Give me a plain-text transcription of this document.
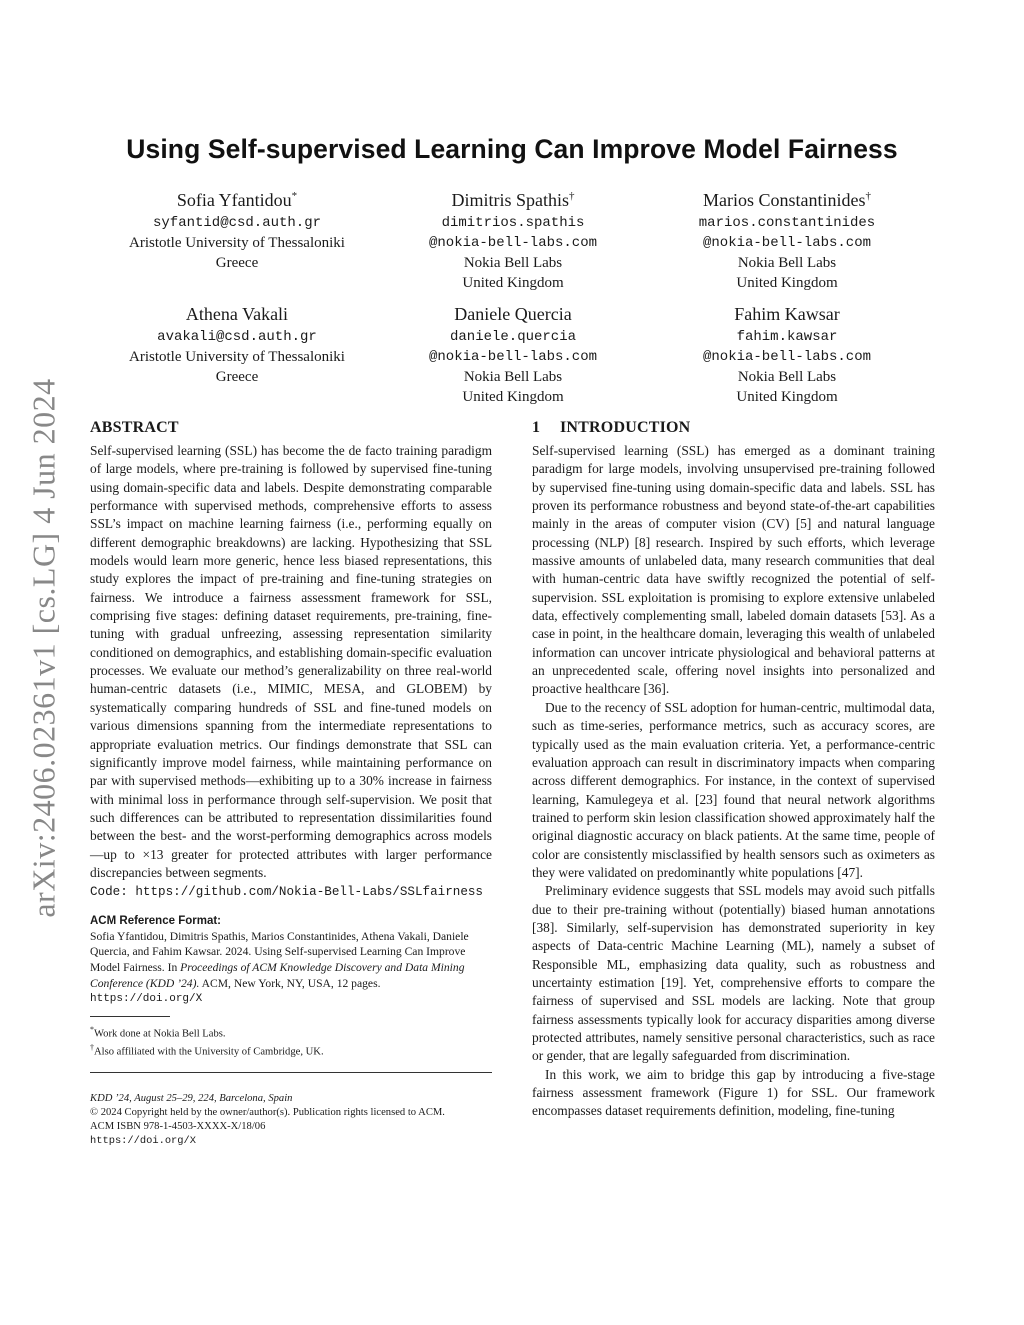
arXiv:2406.02361v1 [cs.LG] 4 Jun 2024
Using Self-supervised Learning Can Improve Model Fairness
Sofia Yfantidou*
syfantid@csd.auth.gr
Aristotle University of Thessaloniki
Greece
Dimitris Spathis†
dimitrios.spathis
@nokia-bell-labs.com
Nokia Bell Labs
United Kingdom
Marios Constantinides†
marios.constantinides
@nokia-bell-labs.com
Nokia Bell Labs
United Kingdom
Athena Vakali
avakali@csd.auth.gr
Aristotle University of Thessaloniki
Greece
Daniele Quercia
daniele.quercia
@nokia-bell-labs.com
Nokia Bell Labs
United Kingdom
Fahim Kawsar
fahim.kawsar
@nokia-bell-labs.com
Nokia Bell Labs
United Kingdom
ABSTRACT

Self-supervised learning (SSL) has become the de facto training paradigm of large models, where pre-training is followed by supervised fine-tuning using domain-specific data and labels. Despite demonstrating comparable performance with supervised methods, comprehensive efforts to assess SSL’s impact on machine learning fairness (i.e., performing equally on different demographic breakdowns) are lacking. Hypothesizing that SSL models would learn more generic, hence less biased representations, this study explores the impact of pre-training and fine-tuning strategies on fairness. We introduce a fairness assessment framework for SSL, comprising five stages: defining dataset requirements, pre-training, fine-tuning with gradual unfreezing, assessing representation similarity conditioned on demographics, and establishing domain-specific evaluation processes. We evaluate our method’s generalizability on three real-world human-centric datasets (i.e., MIMIC, MESA, and GLOBEM) by systematically comparing hundreds of SSL and fine-tuned models on various dimensions spanning from the intermediate representations to appropriate evaluation metrics. Our findings demonstrate that SSL can significantly improve model fairness, while maintaining performance on par with supervised methods—exhibiting up to a 30% increase in fairness with minimal loss in performance through self-supervision. We posit that such differences can be attributed to representation dissimilarities found between the best- and the worst-performing demographics across models—up to ×13 greater for protected attributes with larger performance discrepancies between segments.

Code: https://github.com/Nokia-Bell-Labs/SSLfairness
ACM Reference Format:
Sofia Yfantidou, Dimitris Spathis, Marios Constantinides, Athena Vakali, Daniele Quercia, and Fahim Kawsar. 2024. Using Self-supervised Learning Can Improve Model Fairness. In Proceedings of ACM Knowledge Discovery and Data Mining Conference (KDD ’24). ACM, New York, NY, USA, 12 pages.
https://doi.org/X
*Work done at Nokia Bell Labs.
†Also affiliated with the University of Cambridge, UK.
KDD ’24, August 25–29, 224, Barcelona, Spain
© 2024 Copyright held by the owner/author(s). Publication rights licensed to ACM.
ACM ISBN 978-1-4503-XXXX-X/18/06
https://doi.org/X
1 INTRODUCTION

Self-supervised learning (SSL) has emerged as a dominant training paradigm for large models, involving unsupervised pre-training followed by supervised fine-tuning using domain-specific data and labels. SSL has proven its performance robustness and beyond state-of-the-art capabilities mainly in the areas of computer vision (CV) [5] and natural language processing (NLP) [8] research. Inspired by such efforts, which leverage massive amounts of unlabeled data, many research communities that deal with human-centric data have swiftly recognized the potential of self-supervision. SSL exploitation is promising to explore extensive unlabeled data, effectively complementing small, labeled domain datasets [53]. As a case in point, in the healthcare domain, leveraging this wealth of unlabeled information can uncover intricate physiological and behavioral patterns at an unprecedented scale, offering novel insights into personalized and proactive healthcare [36].

Due to the recency of SSL adoption for human-centric, multimodal data, such as time-series, performance metrics, such as accuracy scores, are typically used as the main evaluation criteria. Yet, a performance-centric evaluation approach can result in discriminatory impacts when comparing across different demographics. For instance, in the context of supervised learning, Kamulegeya et al. [23] found that neural network algorithms trained to perform skin lesion classification showed approximately half the original diagnostic accuracy on black patients. At the same time, people of color are consistently misclassified by health sensors such as oximeters as they were validated on predominantly white populations [47].

Preliminary evidence suggests that SSL models may avoid such pitfalls due to their pre-training without (potentially) biased human annotations [38]. Similarly, self-supervision has demonstrated superiority in key aspects of Data-centric Machine Learning (ML), namely a subset of Responsible ML, emphasizing data quality, such as robustness and uncertainty estimation [19]. Yet, comprehensive efforts to compare the fairness of supervised and SSL models are lacking. Note that group fairness assessments typically look for accuracy disparities among diverse protected attributes, namely sensitive personal characteristics, such as race or gender, that are legally safeguarded from discrimination.

In this work, we aim to bridge this gap by introducing a five-stage fairness assessment framework (Figure 1) for SSL. Our framework encompasses dataset requirements definition, modeling, fine-tuning
